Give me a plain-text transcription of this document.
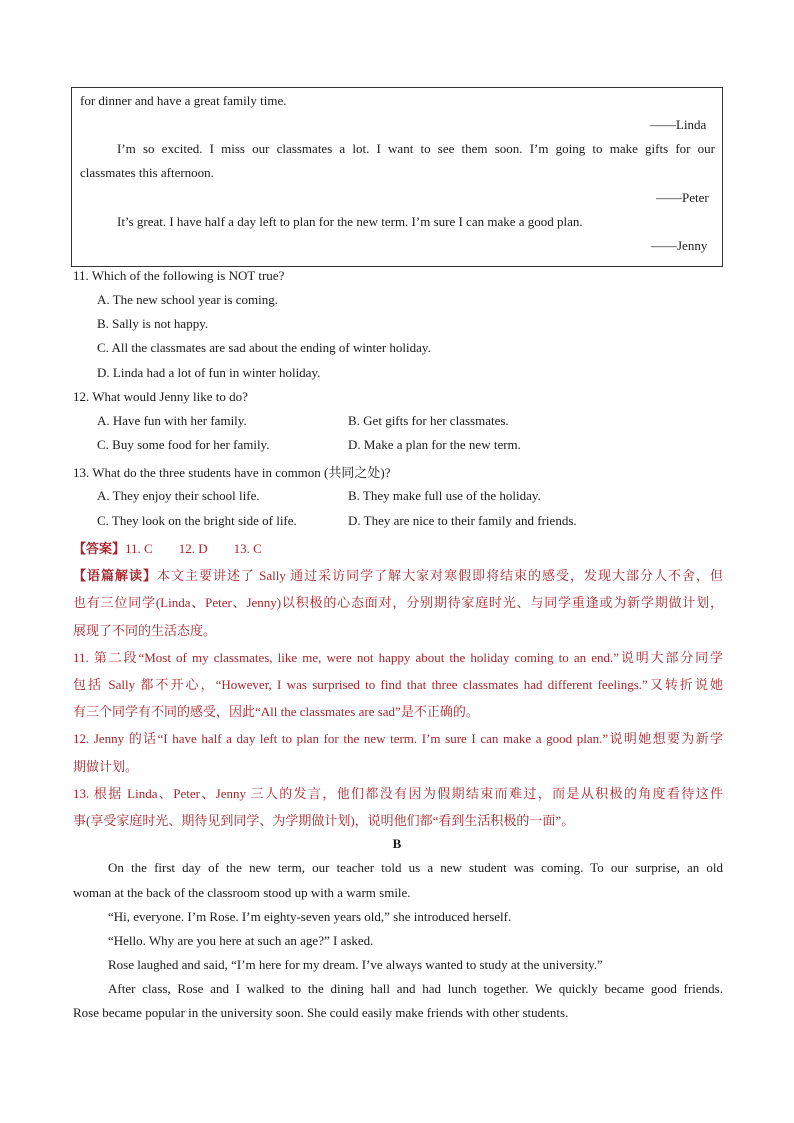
for dinner and have a great family time.
——Linda
I’m so excited. I miss our classmates a lot. I want to see them soon. I’m going to make gifts for our
classmates this afternoon.
——Peter
It’s great. I have half a day left to plan for the new term. I’m sure I can make a good plan.
——Jenny
11. Which of the following is NOT true?
A. The new school year is coming.
B. Sally is not happy.
C. All the classmates are sad about the ending of winter holiday.
D. Linda had a lot of fun in winter holiday.
12. What would Jenny like to do?
A. Have fun with her family.	B. Get gifts for her classmates.
C. Buy some food for her family.	D. Make a plan for the new term.
13. What do the three students have in common (共同之处)?
A. They enjoy their school life.	B. They make full use of the holiday.
C. They look on the bright side of life.	D. They are nice to their family and friends.
【答案】11. C 12. D 13. C
【语篇解读】本文主要讲述了 Sally 通过采访同学了解大家对寒假即将结束的感受，发现大部分人不舍，但
也有三位同学(Linda、Peter、Jenny)以积极的心态面对，分别期待家庭时光、与同学重逢或为新学期做计划，
展现了不同的生活态度。
11. 第二段“Most of my classmates, like me, were not happy about the holiday coming to an end.”说明大部分同学
包括 Sally 都不开心，“However, I was surprised to find that three classmates had different feelings.”又转折说她
有三个同学有不同的感受，因此“All the classmates are sad”是不正确的。
12. Jenny 的话“I have half a day left to plan for the new term. I’m sure I can make a good plan.”说明她想要为新学
期做计划。
13. 根据 Linda、Peter、Jenny 三人的发言，他们都没有因为假期结束而难过，而是从积极的角度看待这件
事(享受家庭时光、期待见到同学、为学期做计划)，说明他们都“看到生活积极的一面”。
B
On the first day of the new term, our teacher told us a new student was coming. To our surprise, an old
woman at the back of the classroom stood up with a warm smile.
“Hi, everyone. I’m Rose. I’m eighty-seven years old,” she introduced herself.
“Hello. Why are you here at such an age?” I asked.
Rose laughed and said, “I’m here for my dream. I’ve always wanted to study at the university.”
After class, Rose and I walked to the dining hall and had lunch together. We quickly became good friends.
Rose became popular in the university soon. She could easily make friends with other students.
